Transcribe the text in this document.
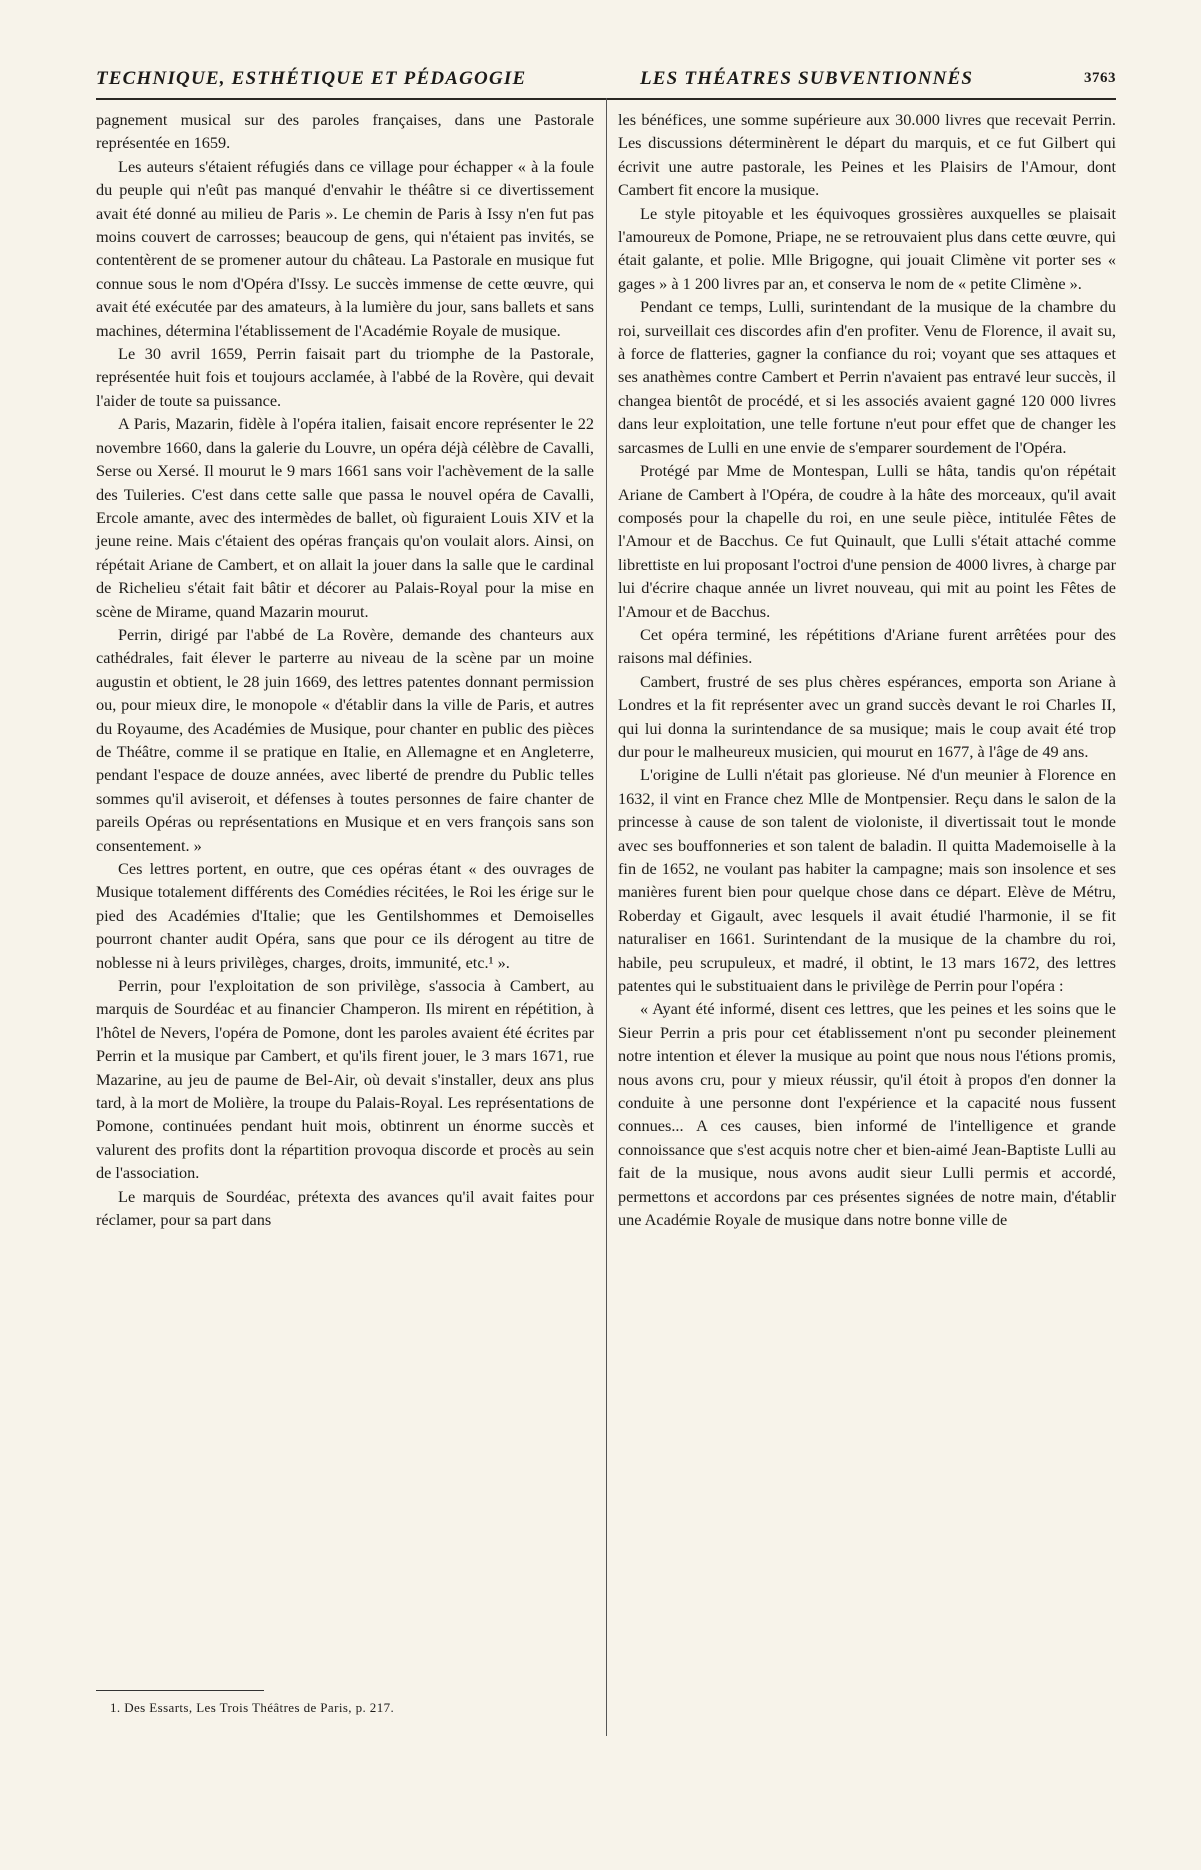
TECHNIQUE, ESTHÉTIQUE ET PÉDAGOGIE	LES THÉATRES SUBVENTIONNÉS	3763

pagnement musical sur des paroles françaises, dans une Pastorale représentée en 1659.

Les auteurs s'étaient réfugiés dans ce village pour échapper « à la foule du peuple qui n'eût pas manqué d'envahir le théâtre si ce divertissement avait été donné au milieu de Paris ». Le chemin de Paris à Issy n'en fut pas moins couvert de carrosses; beaucoup de gens, qui n'étaient pas invités, se contentèrent de se promener autour du château. La Pastorale en musique fut connue sous le nom d'Opéra d'Issy. Le succès immense de cette œuvre, qui avait été exécutée par des amateurs, à la lumière du jour, sans ballets et sans machines, détermina l'établissement de l'Académie Royale de musique.

Le 30 avril 1659, Perrin faisait part du triomphe de la Pastorale, représentée huit fois et toujours acclamée, à l'abbé de la Rovère, qui devait l'aider de toute sa puissance.

A Paris, Mazarin, fidèle à l'opéra italien, faisait encore représenter le 22 novembre 1660, dans la galerie du Louvre, un opéra déjà célèbre de Cavalli, Serse ou Xersé. Il mourut le 9 mars 1661 sans voir l'achèvement de la salle des Tuileries. C'est dans cette salle que passa le nouvel opéra de Cavalli, Ercole amante, avec des intermèdes de ballet, où figuraient Louis XIV et la jeune reine. Mais c'étaient des opéras français qu'on voulait alors. Ainsi, on répétait Ariane de Cambert, et on allait la jouer dans la salle que le cardinal de Richelieu s'était fait bâtir et décorer au Palais-Royal pour la mise en scène de Mirame, quand Mazarin mourut.

Perrin, dirigé par l'abbé de La Rovère, demande des chanteurs aux cathédrales, fait élever le parterre au niveau de la scène par un moine augustin et obtient, le 28 juin 1669, des lettres patentes donnant permission ou, pour mieux dire, le monopole « d'établir dans la ville de Paris, et autres du Royaume, des Académies de Musique, pour chanter en public des pièces de Théâtre, comme il se pratique en Italie, en Allemagne et en Angleterre, pendant l'espace de douze années, avec liberté de prendre du Public telles sommes qu'il aviseroit, et défenses à toutes personnes de faire chanter de pareils Opéras ou représentations en Musique et en vers françois sans son consentement. »

Ces lettres portent, en outre, que ces opéras étant « des ouvrages de Musique totalement différents des Comédies récitées, le Roi les érige sur le pied des Académies d'Italie; que les Gentilshommes et Demoiselles pourront chanter audit Opéra, sans que pour ce ils dérogent au titre de noblesse ni à leurs privilèges, charges, droits, immunité, etc.¹ ».

Perrin, pour l'exploitation de son privilège, s'associa à Cambert, au marquis de Sourdéac et au financier Champeron. Ils mirent en répétition, à l'hôtel de Nevers, l'opéra de Pomone, dont les paroles avaient été écrites par Perrin et la musique par Cambert, et qu'ils firent jouer, le 3 mars 1671, rue Mazarine, au jeu de paume de Bel-Air, où devait s'installer, deux ans plus tard, à la mort de Molière, la troupe du Palais-Royal. Les représentations de Pomone, continuées pendant huit mois, obtinrent un énorme succès et valurent des profits dont la répartition provoqua discorde et procès au sein de l'association.

Le marquis de Sourdéac, prétexta des avances qu'il avait faites pour réclamer, pour sa part dans

les bénéfices, une somme supérieure aux 30.000 livres que recevait Perrin. Les discussions déterminèrent le départ du marquis, et ce fut Gilbert qui écrivit une autre pastorale, les Peines et les Plaisirs de l'Amour, dont Cambert fit encore la musique.

Le style pitoyable et les équivoques grossières auxquelles se plaisait l'amoureux de Pomone, Priape, ne se retrouvaient plus dans cette œuvre, qui était galante, et polie. Mlle Brigogne, qui jouait Climène vit porter ses « gages » à 1 200 livres par an, et conserva le nom de « petite Climène ».

Pendant ce temps, Lulli, surintendant de la musique de la chambre du roi, surveillait ces discordes afin d'en profiter. Venu de Florence, il avait su, à force de flatteries, gagner la confiance du roi; voyant que ses attaques et ses anathèmes contre Cambert et Perrin n'avaient pas entravé leur succès, il changea bientôt de procédé, et si les associés avaient gagné 120 000 livres dans leur exploitation, une telle fortune n'eut pour effet que de changer les sarcasmes de Lulli en une envie de s'emparer sourdement de l'Opéra.

Protégé par Mme de Montespan, Lulli se hâta, tandis qu'on répétait Ariane de Cambert à l'Opéra, de coudre à la hâte des morceaux, qu'il avait composés pour la chapelle du roi, en une seule pièce, intitulée Fêtes de l'Amour et de Bacchus. Ce fut Quinault, que Lulli s'était attaché comme librettiste en lui proposant l'octroi d'une pension de 4000 livres, à charge par lui d'écrire chaque année un livret nouveau, qui mit au point les Fêtes de l'Amour et de Bacchus.

Cet opéra terminé, les répétitions d'Ariane furent arrêtées pour des raisons mal définies.

Cambert, frustré de ses plus chères espérances, emporta son Ariane à Londres et la fit représenter avec un grand succès devant le roi Charles II, qui lui donna la surintendance de sa musique; mais le coup avait été trop dur pour le malheureux musicien, qui mourut en 1677, à l'âge de 49 ans.

L'origine de Lulli n'était pas glorieuse. Né d'un meunier à Florence en 1632, il vint en France chez Mlle de Montpensier. Reçu dans le salon de la princesse à cause de son talent de violoniste, il divertissait tout le monde avec ses bouffonneries et son talent de baladin. Il quitta Mademoiselle à la fin de 1652, ne voulant pas habiter la campagne; mais son insolence et ses manières furent bien pour quelque chose dans ce départ. Elève de Métru, Roberday et Gigault, avec lesquels il avait étudié l'harmonie, il se fit naturaliser en 1661. Surintendant de la musique de la chambre du roi, habile, peu scrupuleux, et madré, il obtint, le 13 mars 1672, des lettres patentes qui le substituaient dans le privilège de Perrin pour l'opéra :

« Ayant été informé, disent ces lettres, que les peines et les soins que le Sieur Perrin a pris pour cet établissement n'ont pu seconder pleinement notre intention et élever la musique au point que nous nous l'étions promis, nous avons cru, pour y mieux réussir, qu'il étoit à propos d'en donner la conduite à une personne dont l'expérience et la capacité nous fussent connues... A ces causes, bien informé de l'intelligence et grande connoissance que s'est acquis notre cher et bien-aimé Jean-Baptiste Lulli au fait de la musique, nous avons audit sieur Lulli permis et accordé, permettons et accordons par ces présentes signées de notre main, d'établir une Académie Royale de musique dans notre bonne ville de

1. Des Essarts, Les Trois Théâtres de Paris, p. 217.
